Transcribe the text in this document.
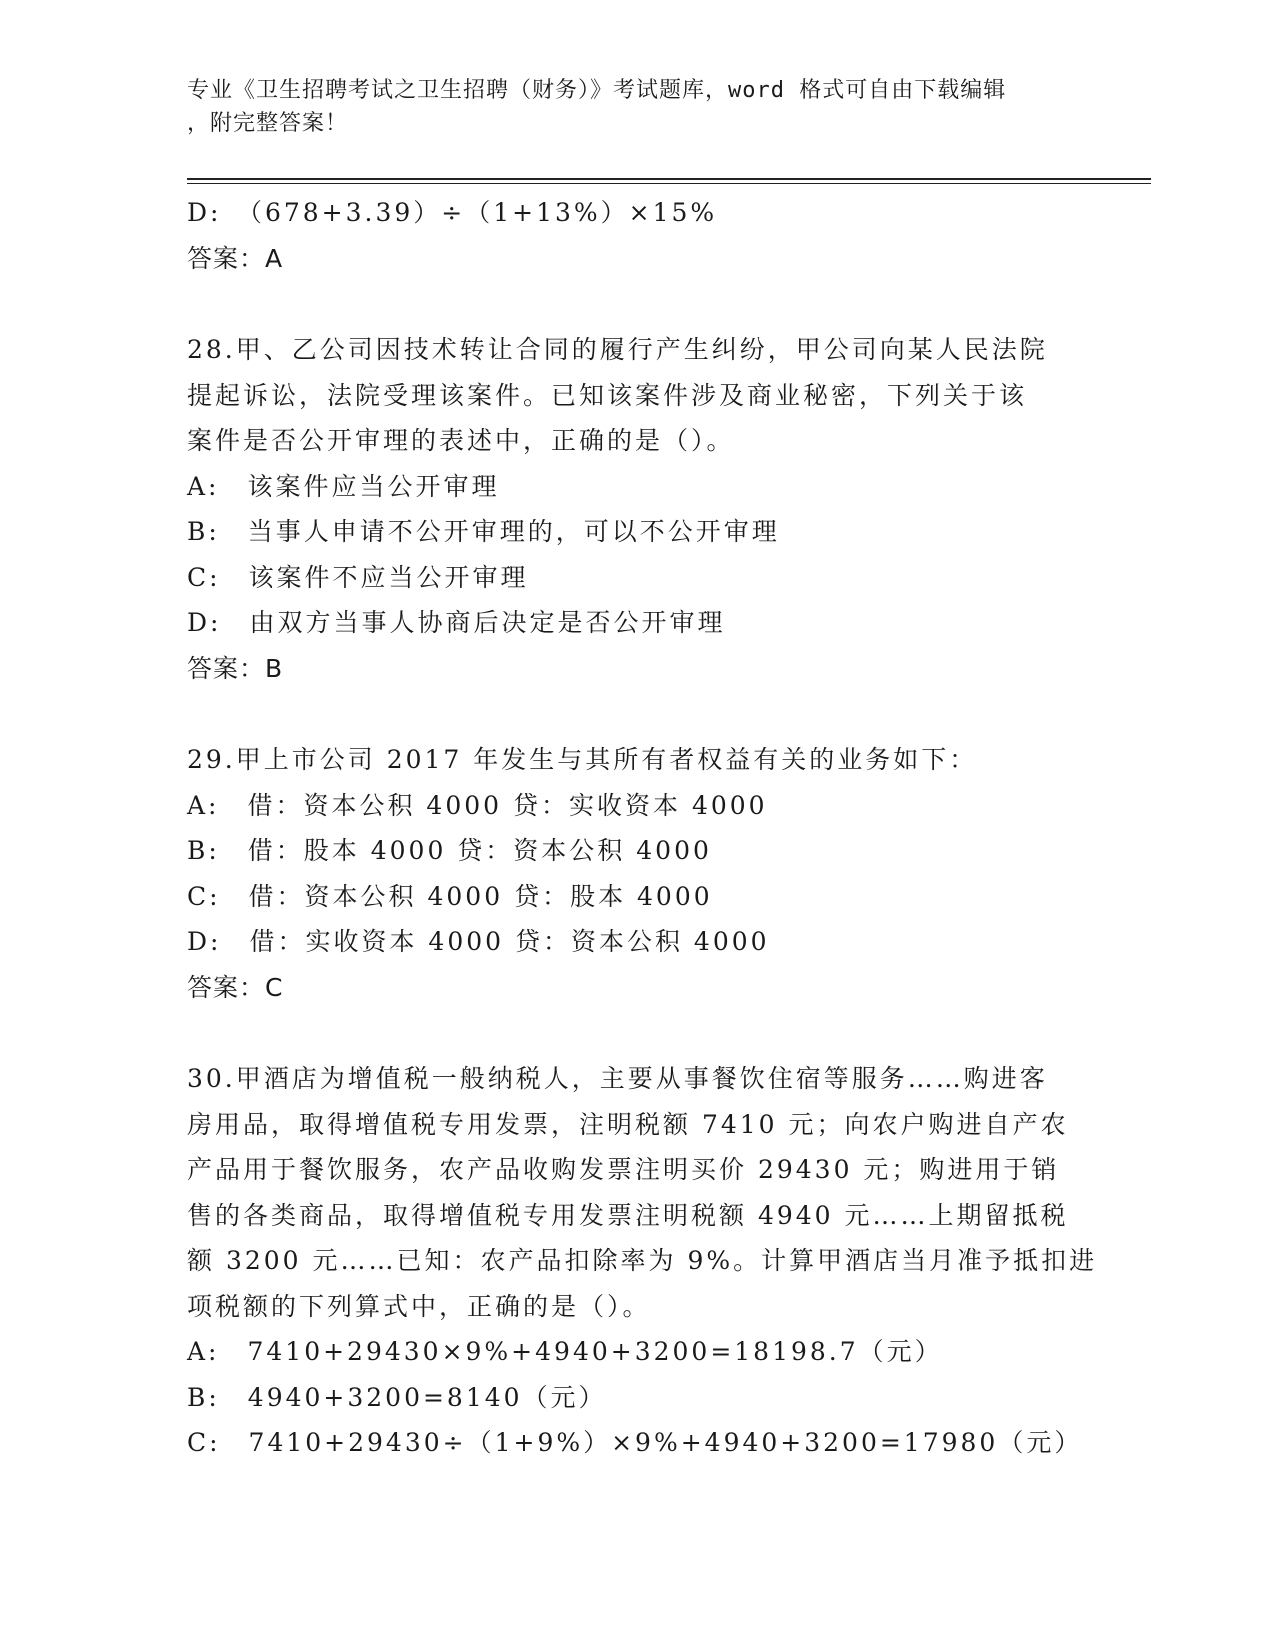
专业《卫生招聘考试之卫生招聘（财务）》考试题库，word 格式可自由下载编辑
，附完整答案！
D:　（678+3.39）÷（1+13%）×15%
答案：A
28.甲、乙公司因技术转让合同的履行产生纠纷，甲公司向某人民法院
提起诉讼，法院受理该案件。已知该案件涉及商业秘密，下列关于该
案件是否公开审理的表述中，正确的是（）。
A:　该案件应当公开审理
B:　当事人申请不公开审理的，可以不公开审理
C:　该案件不应当公开审理
D:　由双方当事人协商后决定是否公开审理
答案：B
29.甲上市公司 2017 年发生与其所有者权益有关的业务如下：
A:　借：资本公积 4000 贷：实收资本 4000
B:　借：股本 4000 贷：资本公积 4000
C:　借：资本公积 4000 贷：股本 4000
D:　借：实收资本 4000 贷：资本公积 4000
答案：C
30.甲酒店为增值税一般纳税人，主要从事餐饮住宿等服务……购进客
房用品，取得增值税专用发票，注明税额 7410 元；向农户购进自产农
产品用于餐饮服务，农产品收购发票注明买价 29430 元；购进用于销
售的各类商品，取得增值税专用发票注明税额 4940 元……上期留抵税
额 3200 元……已知：农产品扣除率为 9%。计算甲酒店当月准予抵扣进
项税额的下列算式中，正确的是（）。
A:　7410+29430×9%+4940+3200=18198.7（元）
B:　4940+3200=8140（元）
C:　7410+29430÷（1+9%）×9%+4940+3200=17980（元）
